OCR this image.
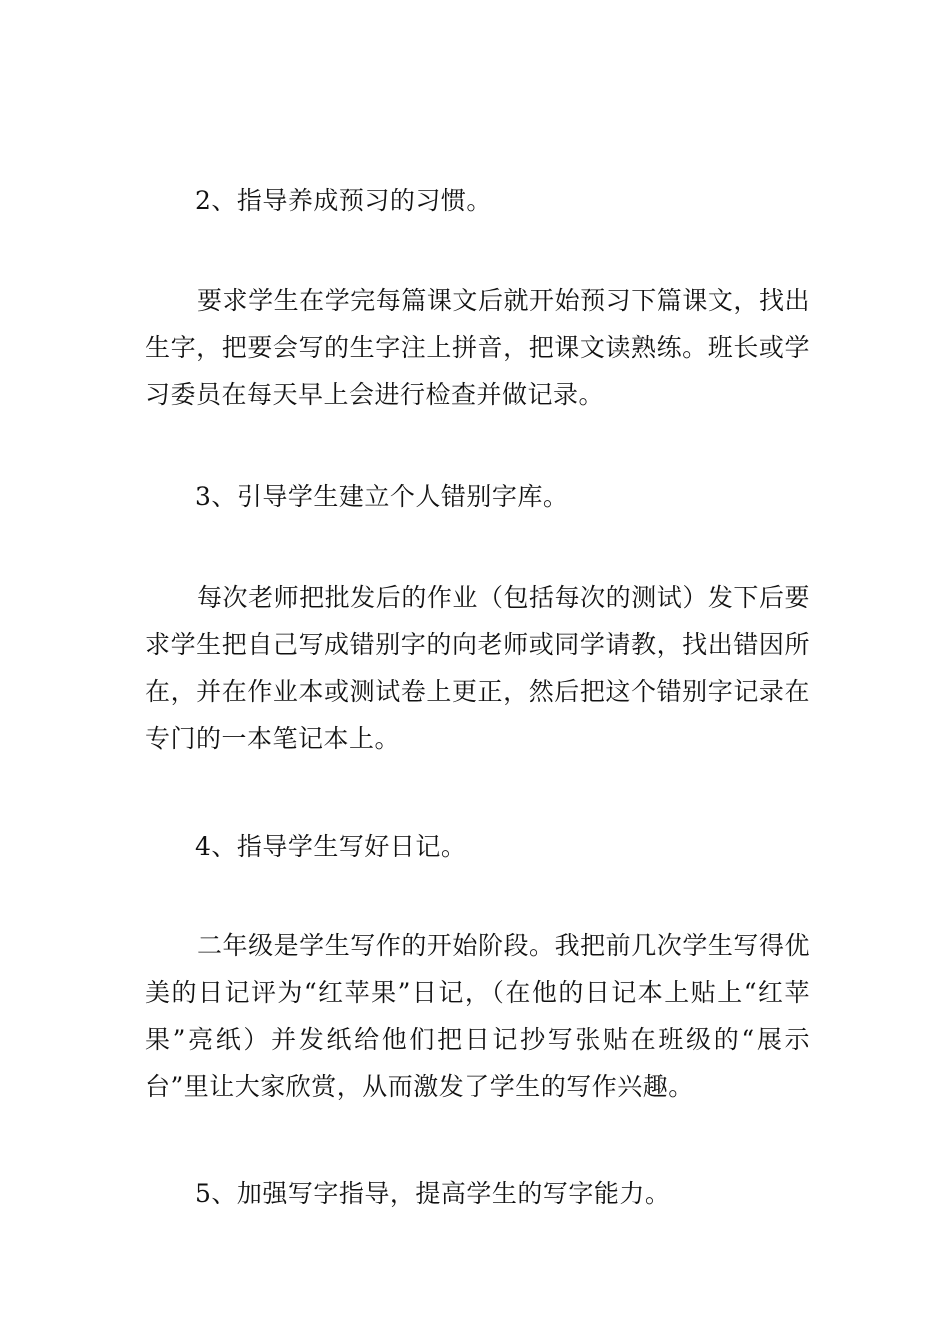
2、指导养成预习的习惯。

要求学生在学完每篇课文后就开始预习下篇课文，找出生字，把要会写的生字注上拼音，把课文读熟练。班长或学习委员在每天早上会进行检查并做记录。

3、引导学生建立个人错别字库。

每次老师把批发后的作业（包括每次的测试）发下后要求学生把自己写成错别字的向老师或同学请教，找出错因所在，并在作业本或测试卷上更正，然后把这个错别字记录在专门的一本笔记本上。

4、指导学生写好日记。

二年级是学生写作的开始阶段。我把前几次学生写得优美的日记评为“红苹果”日记，（在他的日记本上贴上“红苹果”亮纸）并发纸给他们把日记抄写张贴在班级的“展示台”里让大家欣赏，从而激发了学生的写作兴趣。

5、加强写字指导，提高学生的写字能力。
